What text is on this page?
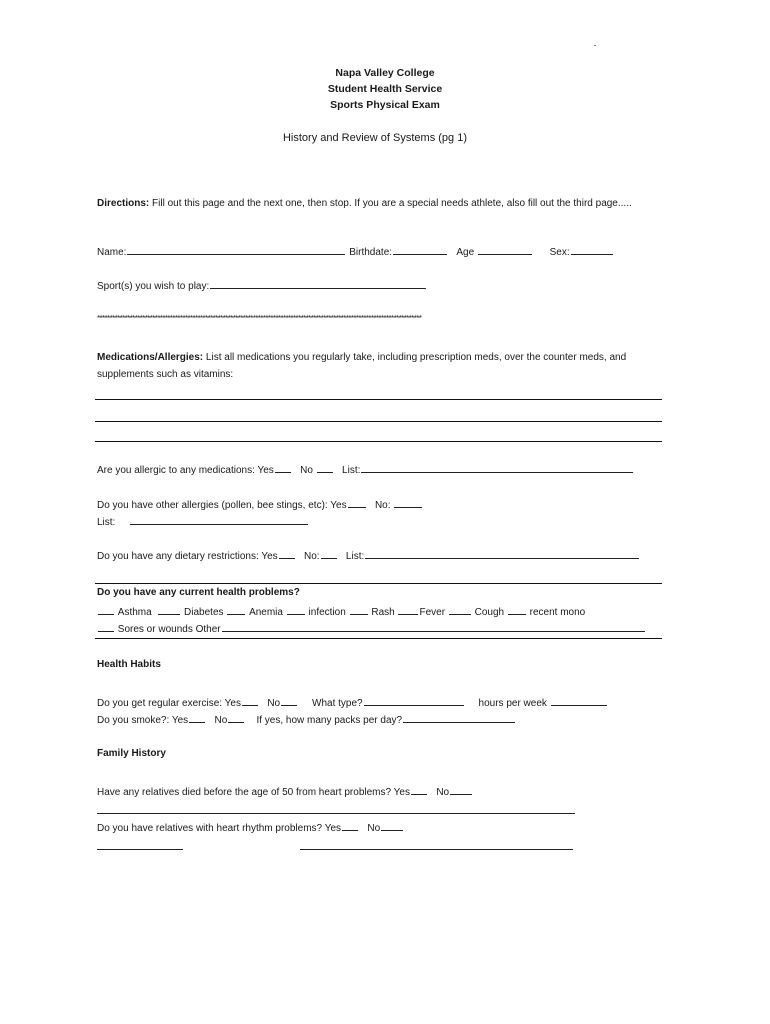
Napa Valley College
Student Health Service
Sports Physical Exam
History and Review of Systems (pg 1)
Directions: Fill out this page and the next one, then stop. If you are a special needs athlete, also fill out the third page.....
Name:	Birthdate:	Age	Sex:
Sport(s) you wish to play:
*********************************************************************************************************************************
Medications/Allergies: List all medications you regularly take, including prescription meds, over the counter meds, and supplements such as vitamins:
Are you allergic to any medications: Yes	No	List:
Do you have other allergies (pollen, bee stings, etc): Yes	No:
List:
Do you have any dietary restrictions: Yes	No:	List:
Do you have any current health problems?
Asthma	Diabetes	Anemia	infection	Rash Fever	Cough	recent mono
Sores or wounds Other
Health Habits
Do you get regular exercise: Yes	No	What type?	hours per week
Do you smoke?: Yes	No	If yes, how many packs per day?
Family History
Have any relatives died before the age of 50 from heart problems? Yes	No
Do you have relatives with heart rhythm problems? Yes	No
